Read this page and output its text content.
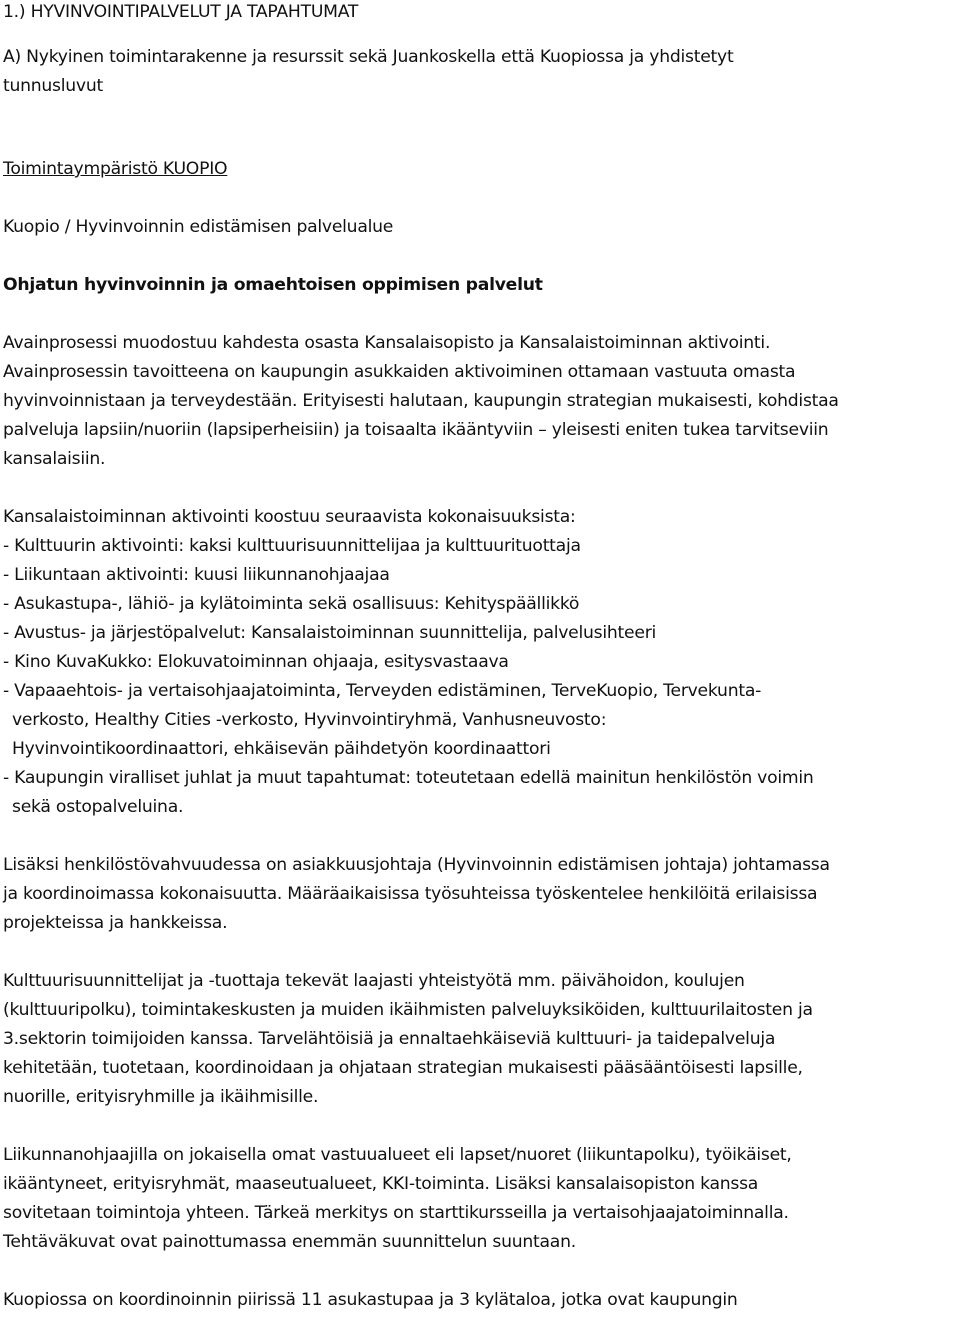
1.) HYVINVOINTIPALVELUT JA TAPAHTUMAT
A) Nykyinen toimintarakenne ja resurssit sekä Juankoskella että Kuopiossa ja yhdistetyt
tunnusluvut
Toimintaympäristö KUOPIO
Kuopio / Hyvinvoinnin edistämisen palvelualue
Ohjatun hyvinvoinnin ja omaehtoisen oppimisen palvelut
Avainprosessi muodostuu kahdesta osasta Kansalaisopisto ja Kansalaistoiminnan aktivointi.
Avainprosessin tavoitteena on kaupungin asukkaiden aktivoiminen ottamaan vastuuta omasta
hyvinvoinnistaan ja terveydestään. Erityisesti halutaan, kaupungin strategian mukaisesti, kohdistaa
palveluja lapsiin/nuoriin (lapsiperheisiin) ja toisaalta ikääntyviin – yleisesti eniten tukea tarvitseviin
kansalaisiin.
Kansalaistoiminnan aktivointi koostuu seuraavista kokonaisuuksista:
- Kulttuurin aktivointi: kaksi kulttuurisuunnittelijaa ja kulttuurituottaja
- Liikuntaan aktivointi: kuusi liikunnanohjaajaa
- Asukastupa-, lähiö- ja kylätoiminta sekä osallisuus: Kehityspäällikkö
- Avustus- ja järjestöpalvelut: Kansalaistoiminnan suunnittelija, palvelusihteeri
- Kino KuvaKukko: Elokuvatoiminnan ohjaaja, esitysvastaava
- Vapaaehtois- ja vertaisohjaajatoiminta, Terveyden edistäminen, TerveKuopio, Tervekunta-
verkosto, Healthy Cities -verkosto, Hyvinvointiryhmä, Vanhusneuvosto:
Hyvinvointikoordinaattori, ehkäisevän päihdetyön koordinaattori
- Kaupungin viralliset juhlat ja muut tapahtumat: toteutetaan edellä mainitun henkilöstön voimin
sekä ostopalveluina.
Lisäksi henkilöstövahvuudessa on asiakkuusjohtaja (Hyvinvoinnin edistämisen johtaja) johtamassa
ja koordinoimassa kokonaisuutta. Määräaikaisissa työsuhteissa työskentelee henkilöitä erilaisissa
projekteissa ja hankkeissa.
Kulttuurisuunnittelijat ja -tuottaja tekevät laajasti yhteistyötä mm. päivähoidon, koulujen
(kulttuuripolku), toimintakeskusten ja muiden ikäihmisten palveluyksiköiden, kulttuurilaitosten ja
3.sektorin toimijoiden kanssa. Tarvelähtöisiä ja ennaltaehkäiseviä kulttuuri- ja taidepalveluja
kehitetään, tuotetaan, koordinoidaan ja ohjataan strategian mukaisesti pääsääntöisesti lapsille,
nuorille, erityisryhmille ja ikäihmisille.
Liikunnanohjaajilla on jokaisella omat vastuualueet eli lapset/nuoret (liikuntapolku), työikäiset,
ikääntyneet, erityisryhmät, maaseutualueet, KKI-toiminta. Lisäksi kansalaisopiston kanssa
sovitetaan toimintoja yhteen. Tärkeä merkitys on starttikursseilla ja vertaisohjaajatoiminnalla.
Tehtäväkuvat ovat painottumassa enemmän suunnittelun suuntaan.
Kuopiossa on koordinoinnin piirissä 11 asukastupaa ja 3 kylätaloa, jotka ovat kaupungin
